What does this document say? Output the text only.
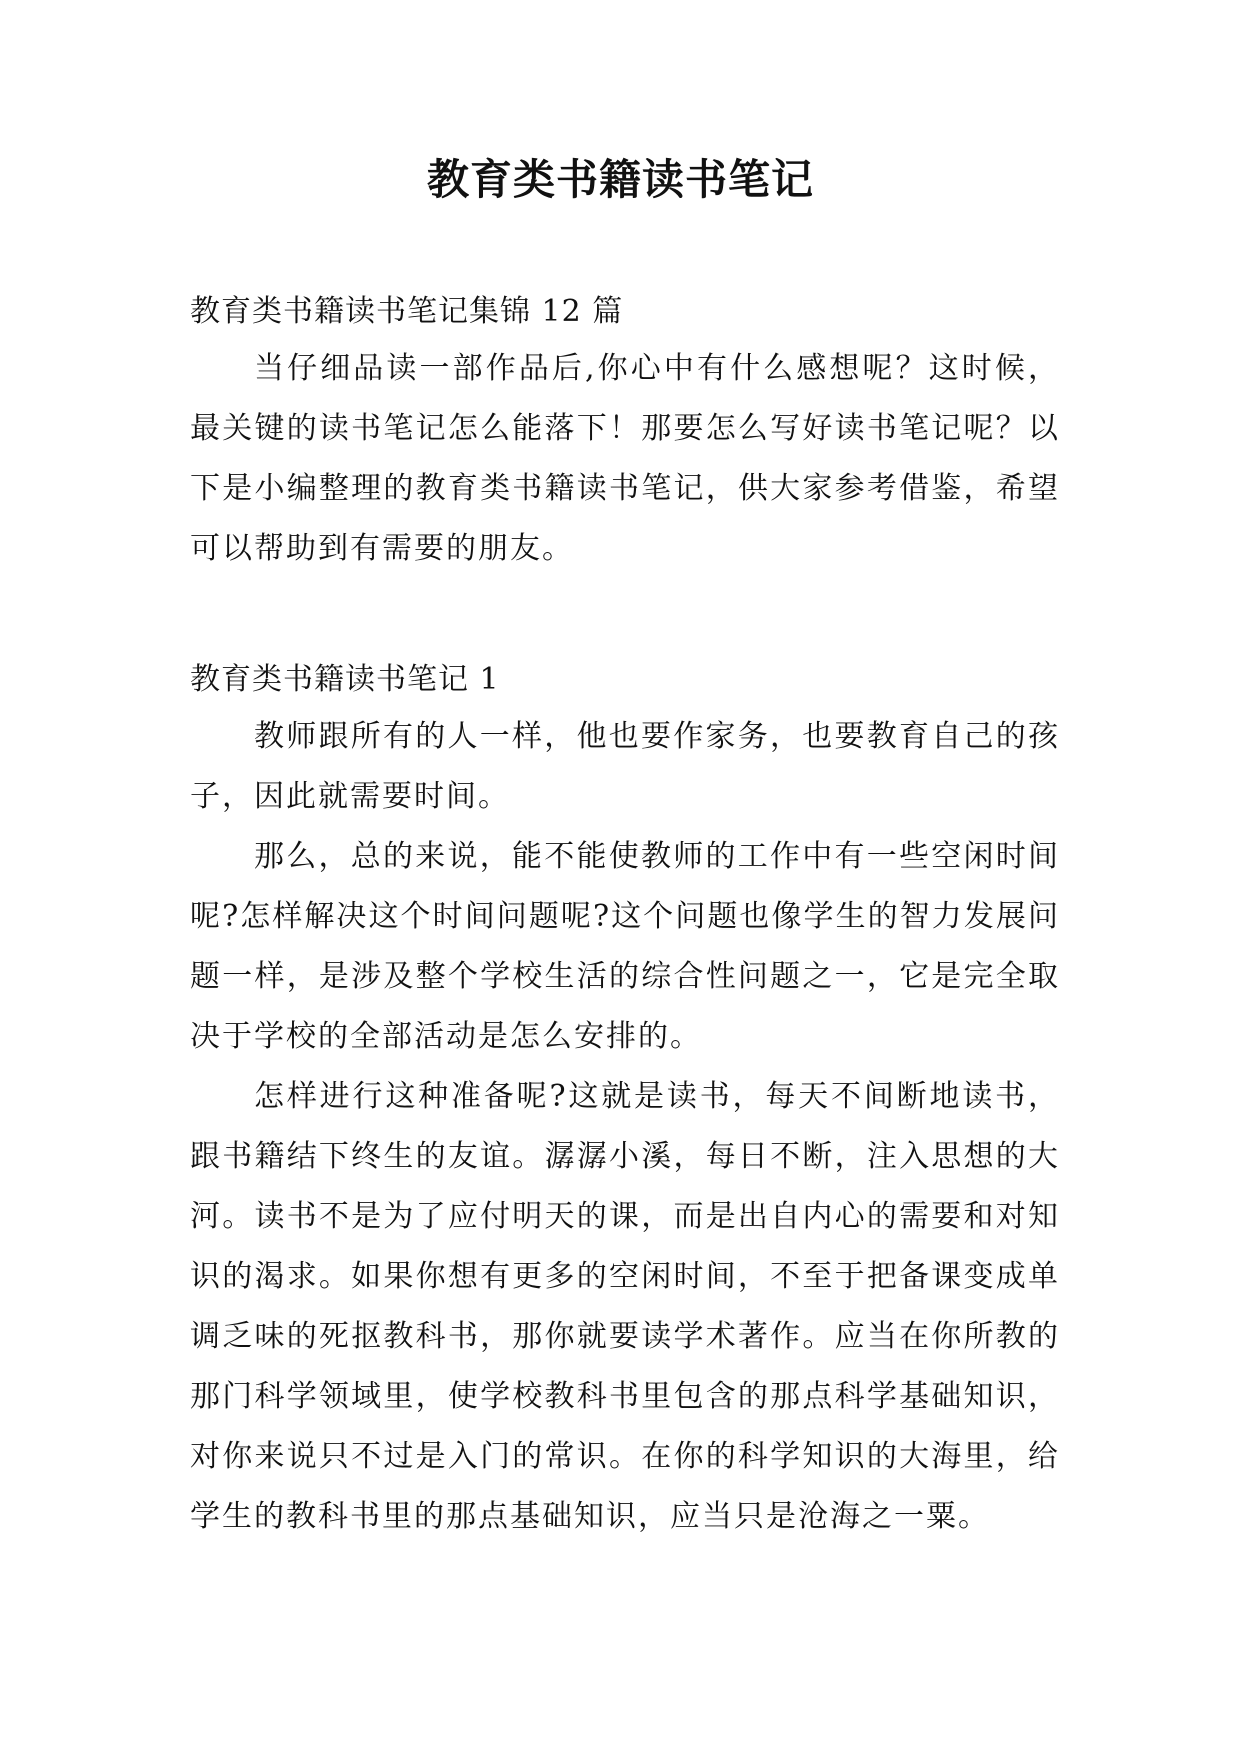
教育类书籍读书笔记

教育类书籍读书笔记集锦 12 篇

当仔细品读一部作品后,你心中有什么感想呢？这时候，最关键的读书笔记怎么能落下！那要怎么写好读书笔记呢？以下是小编整理的教育类书籍读书笔记，供大家参考借鉴，希望可以帮助到有需要的朋友。

教育类书籍读书笔记 1

教师跟所有的人一样，他也要作家务，也要教育自己的孩子，因此就需要时间。

那么，总的来说，能不能使教师的工作中有一些空闲时间呢?怎样解决这个时间问题呢?这个问题也像学生的智力发展问题一样，是涉及整个学校生活的综合性问题之一，它是完全取决于学校的全部活动是怎么安排的。

怎样进行这种准备呢?这就是读书，每天不间断地读书，跟书籍结下终生的友谊。潺潺小溪，每日不断，注入思想的大河。读书不是为了应付明天的课，而是出自内心的需要和对知识的渴求。如果你想有更多的空闲时间，不至于把备课变成单调乏味的死抠教科书，那你就要读学术著作。应当在你所教的那门科学领域里，使学校教科书里包含的那点科学基础知识，对你来说只不过是入门的常识。在你的科学知识的大海里，给学生的教科书里的那点基础知识，应当只是沧海之一粟。
